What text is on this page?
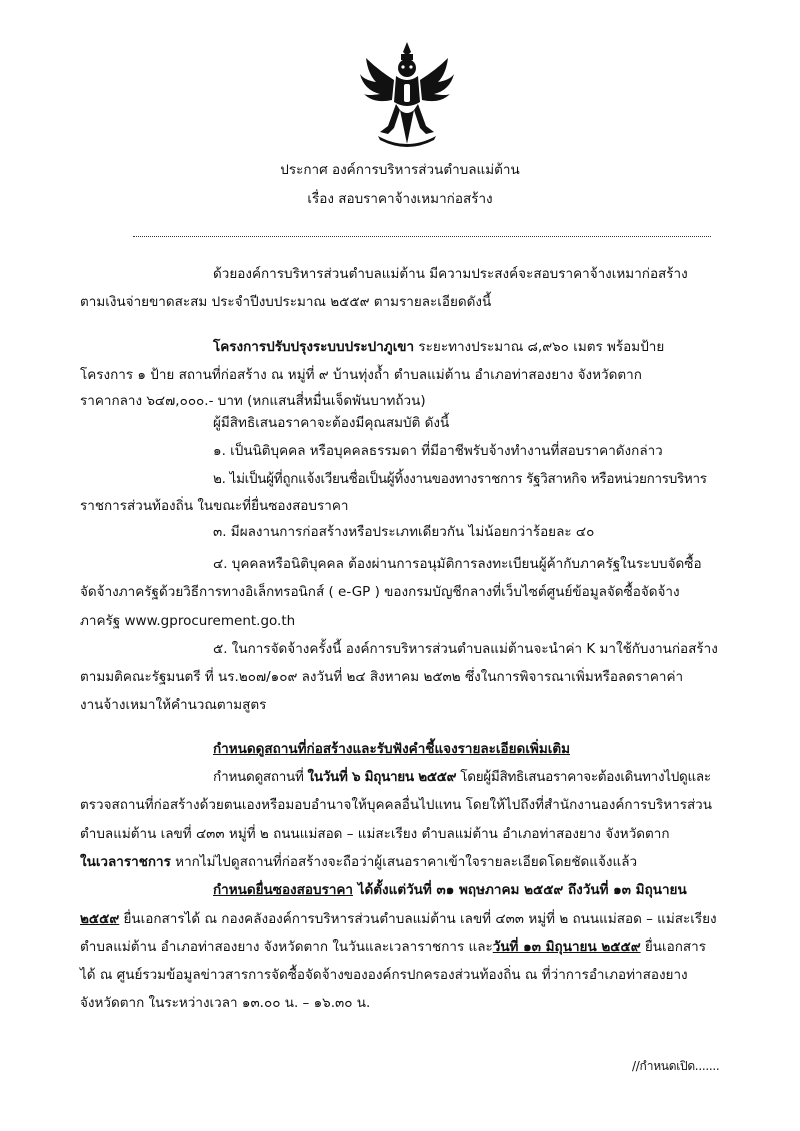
ประกาศ องค์การบริหารส่วนตำบลแม่ต้าน
เรื่อง สอบราคาจ้างเหมาก่อสร้าง
ด้วยองค์การบริหารส่วนตำบลแม่ต้าน มีความประสงค์จะสอบราคาจ้างเหมาก่อสร้าง
ตามเงินจ่ายขาดสะสม ประจำปีงบประมาณ ๒๕๕๙ ตามรายละเอียดดังนี้
โครงการปรับปรุงระบบประปาภูเขา ระยะทางประมาณ ๘,๙๖๐ เมตร พร้อมป้าย
โครงการ ๑ ป้าย สถานที่ก่อสร้าง ณ หมู่ที่ ๙ บ้านทุ่งถ้ำ ตำบลแม่ต้าน อำเภอท่าสองยาง จังหวัดตาก
ราคากลาง ๖๔๗,๐๐๐.- บาท (หกแสนสี่หมื่นเจ็ดพันบาทถ้วน)
ผู้มีสิทธิเสนอราคาจะต้องมีคุณสมบัติ ดังนี้
๑. เป็นนิติบุคคล หรือบุคคลธรรมดา ที่มีอาชีพรับจ้างทำงานที่สอบราคาดังกล่าว
๒. ไม่เป็นผู้ที่ถูกแจ้งเวียนชื่อเป็นผู้ทิ้งงานของทางราชการ รัฐวิสาหกิจ หรือหน่วยการบริหาร
ราชการส่วนท้องถิ่น ในขณะที่ยื่นซองสอบราคา
๓. มีผลงานการก่อสร้างหรือประเภทเดียวกัน ไม่น้อยกว่าร้อยละ ๔๐
๔. บุคคลหรือนิติบุคคล ต้องผ่านการอนุมัติการลงทะเบียนผู้ค้ากับภาครัฐในระบบจัดซื้อ
จัดจ้างภาครัฐด้วยวิธีการทางอิเล็กทรอนิกส์ ( e-GP ) ของกรมบัญชีกลางที่เว็บไซต์ศูนย์ข้อมูลจัดซื้อจัดจ้าง
ภาครัฐ www.gprocurement.go.th
๕. ในการจัดจ้างครั้งนี้ องค์การบริหารส่วนตำบลแม่ต้านจะนำค่า K มาใช้กับงานก่อสร้าง
ตามมติคณะรัฐมนตรี ที่ นร.๒๐๗/๑๐๙ ลงวันที่ ๒๔ สิงหาคม ๒๕๓๒ ซึ่งในการพิจารณาเพิ่มหรือลดราคาค่า
งานจ้างเหมาให้คำนวณตามสูตร
กำหนดดูสถานที่ก่อสร้างและรับฟังคำชี้แจงรายละเอียดเพิ่มเติม
กำหนดดูสถานที่ ในวันที่ ๖ มิถุนายน ๒๕๕๙ โดยผู้มีสิทธิเสนอราคาจะต้องเดินทางไปดูและ
ตรวจสถานที่ก่อสร้างด้วยตนเองหรือมอบอำนาจให้บุคคลอื่นไปแทน โดยให้ไปถึงที่สำนักงานองค์การบริหารส่วน
ตำบลแม่ต้าน เลขที่ ๔๓๓ หมู่ที่ ๒ ถนนแม่สอด – แม่สะเรียง ตำบลแม่ต้าน อำเภอท่าสองยาง จังหวัดตาก
ในเวลาราชการ หากไม่ไปดูสถานที่ก่อสร้างจะถือว่าผู้เสนอราคาเข้าใจรายละเอียดโดยชัดแจ้งแล้ว
กำหนดยื่นซองสอบราคา ได้ตั้งแต่วันที่ ๓๑ พฤษภาคม ๒๕๕๙ ถึงวันที่ ๑๓ มิถุนายน
๒๕๕๙ ยื่นเอกสารได้ ณ กองคลังองค์การบริหารส่วนตำบลแม่ต้าน เลขที่ ๔๓๓ หมู่ที่ ๒ ถนนแม่สอด – แม่สะเรียง
ตำบลแม่ต้าน อำเภอท่าสองยาง จังหวัดตาก ในวันและเวลาราชการ และวันที่ ๑๓ มิถุนายน ๒๕๕๙ ยื่นเอกสาร
ได้ ณ ศูนย์รวมข้อมูลข่าวสารการจัดซื้อจัดจ้างขององค์กรปกครองส่วนท้องถิ่น ณ ที่ว่าการอำเภอท่าสองยาง
จังหวัดตาก ในระหว่างเวลา ๑๓.๐๐ น. – ๑๖.๓๐ น.
//กำหนดเปิด.......
